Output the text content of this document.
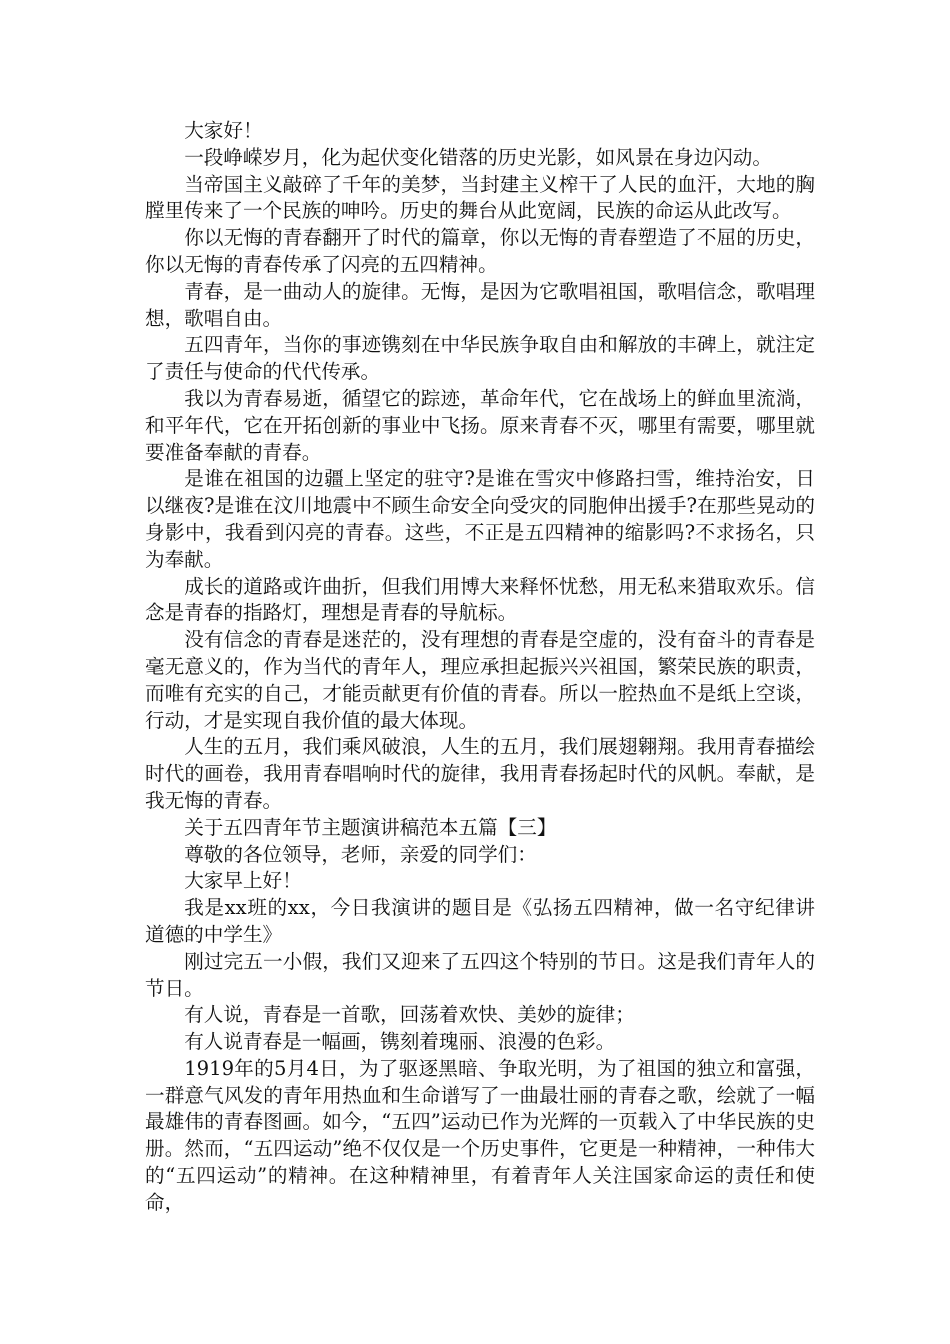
大家好！

一段峥嵘岁月，化为起伏变化错落的历史光影，如风景在身边闪动。

当帝国主义敲碎了千年的美梦，当封建主义榨干了人民的血汗，大地的胸膛里传来了一个民族的呻吟。历史的舞台从此宽阔，民族的命运从此改写。

你以无悔的青春翻开了时代的篇章，你以无悔的青春塑造了不屈的历史，你以无悔的青春传承了闪亮的五四精神。

青春，是一曲动人的旋律。无悔，是因为它歌唱祖国，歌唱信念，歌唱理想，歌唱自由。

五四青年，当你的事迹镌刻在中华民族争取自由和解放的丰碑上，就注定了责任与使命的代代传承。

我以为青春易逝，循望它的踪迹，革命年代，它在战场上的鲜血里流淌，和平年代，它在开拓创新的事业中飞扬。原来青春不灭，哪里有需要，哪里就要准备奉献的青春。

是谁在祖国的边疆上坚定的驻守?是谁在雪灾中修路扫雪，维持治安，日以继夜?是谁在汶川地震中不顾生命安全向受灾的同胞伸出援手?在那些晃动的身影中，我看到闪亮的青春。这些，不正是五四精神的缩影吗?不求扬名，只为奉献。

成长的道路或许曲折，但我们用博大来释怀忧愁，用无私来猎取欢乐。信念是青春的指路灯，理想是青春的导航标。

没有信念的青春是迷茫的，没有理想的青春是空虚的，没有奋斗的青春是毫无意义的，作为当代的青年人，理应承担起振兴兴祖国，繁荣民族的职责，而唯有充实的自己，才能贡献更有价值的青春。所以一腔热血不是纸上空谈，行动，才是实现自我价值的最大体现。

人生的五月，我们乘风破浪，人生的五月，我们展翅翱翔。我用青春描绘时代的画卷，我用青春唱响时代的旋律，我用青春扬起时代的风帆。奉献，是我无悔的青春。

关于五四青年节主题演讲稿范本五篇【三】

尊敬的各位领导，老师，亲爱的同学们：

大家早上好！

我是xx班的xx，今日我演讲的题目是《弘扬五四精神，做一名守纪律讲道德的中学生》

刚过完五一小假，我们又迎来了五四这个特别的节日。这是我们青年人的节日。

有人说，青春是一首歌，回荡着欢快、美妙的旋律；

有人说青春是一幅画，镌刻着瑰丽、浪漫的色彩。

1919年的5月4日，为了驱逐黑暗、争取光明，为了祖国的独立和富强，一群意气风发的青年用热血和生命谱写了一曲最壮丽的青春之歌，绘就了一幅最雄伟的青春图画。如今，“五四”运动已作为光辉的一页载入了中华民族的史册。然而，“五四运动”绝不仅仅是一个历史事件，它更是一种精神，一种伟大的“五四运动”的精神。在这种精神里，有着青年人关注国家命运的责任和使命，
